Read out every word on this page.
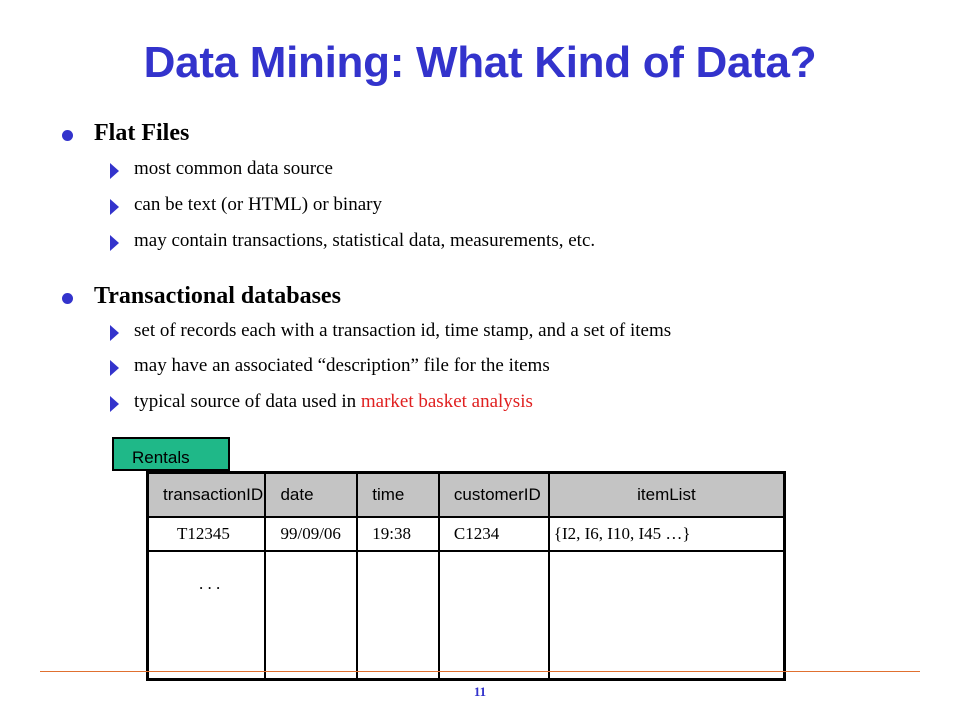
Data Mining: What Kind of Data?
Flat Files
most common data source
can be text (or HTML) or binary
may contain transactions, statistical data, measurements, etc.
Transactional databases
set of records each with a transaction id, time stamp, and a set of items
may have an associated “description” file for the items
typical source of data used in market basket analysis
Rentals
transactionID	date	time	customerID	itemList
T12345	99/09/06	19:38	C1234	{I2, I6, I10, I45 …}
. . .				
11
